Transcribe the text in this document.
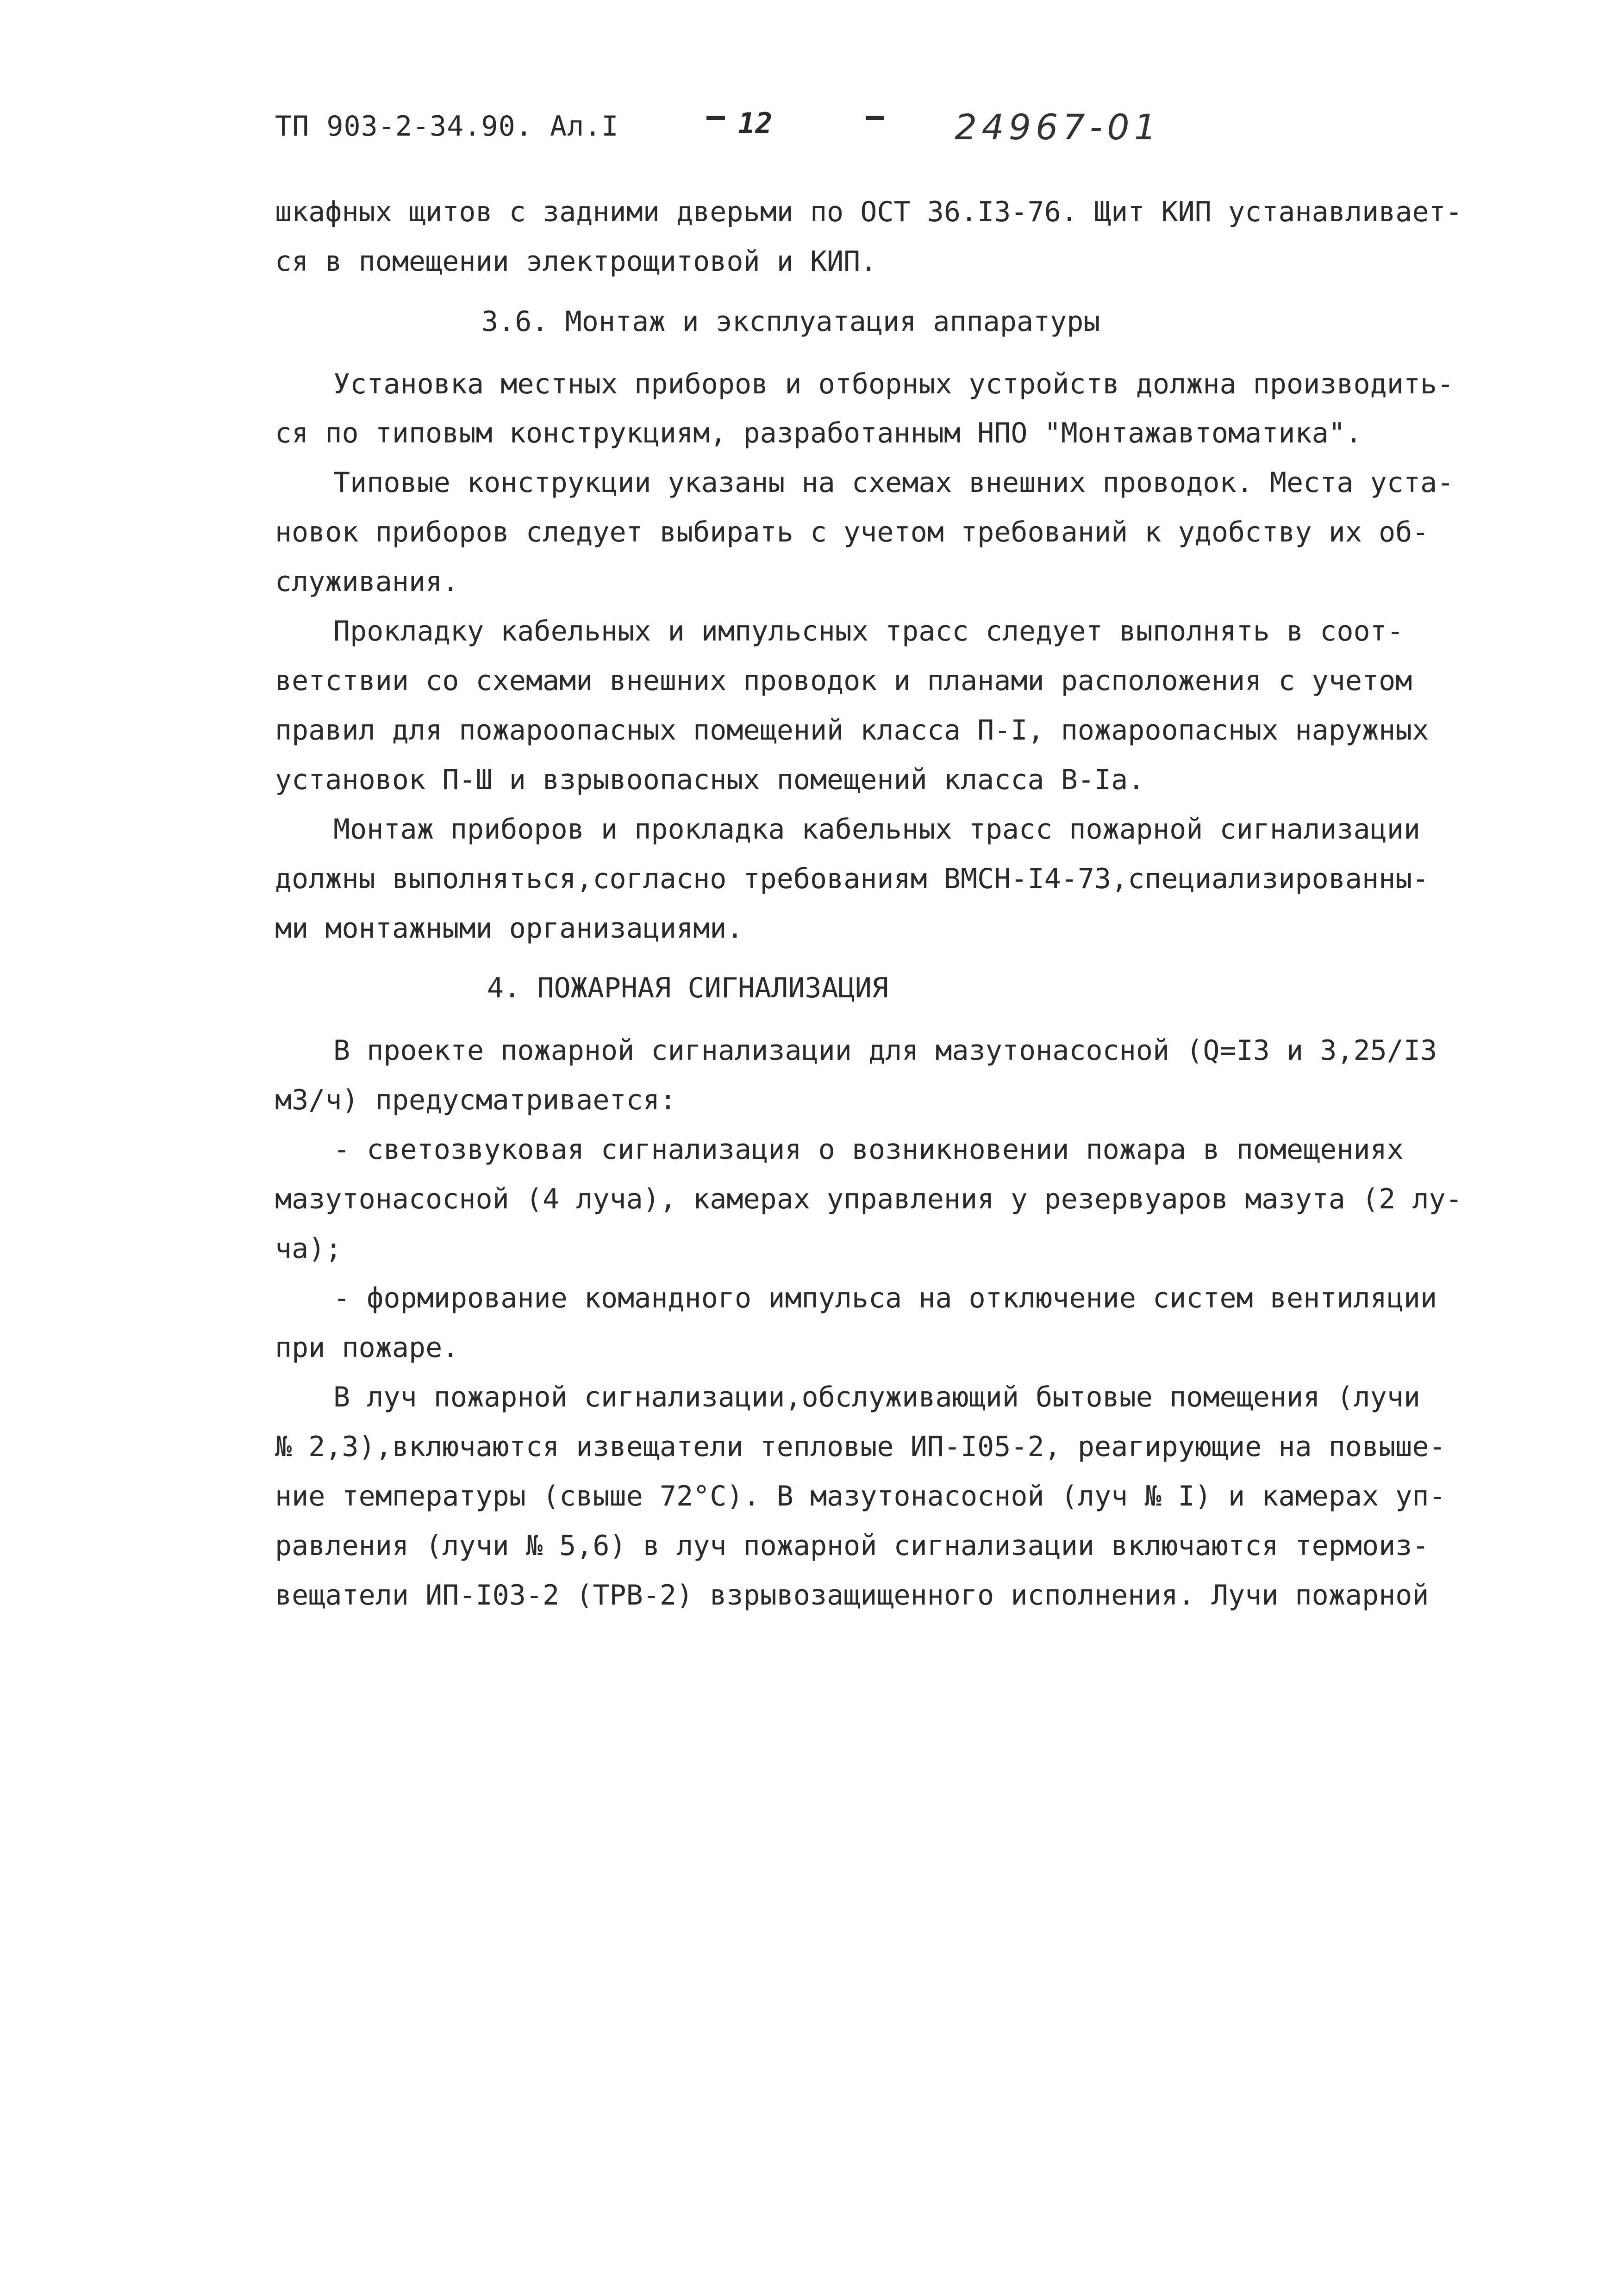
ТП 903-2-34.90. Ал.I	12	24967-01
шкафных щитов с задними дверьми по ОСТ 36.I3-76. Щит КИП устанавливает-
ся в помещении электрощитовой и КИП.
3.6. Монтаж и эксплуатация аппаратуры
Установка местных приборов и отборных устройств должна производить-
ся по типовым конструкциям, разработанным НПО "Монтажавтоматика".
Типовые конструкции указаны на схемах внешних проводок. Места уста-
новок приборов следует выбирать с учетом требований к удобству их об-
служивания.
Прокладку кабельных и импульсных трасс следует выполнять в соот-
ветствии со схемами внешних проводок и планами расположения с учетом
правил для пожароопасных помещений класса П-I, пожароопасных наружных
установок П-Ш и взрывоопасных помещений класса В-Iа.
Монтаж приборов и прокладка кабельных трасс пожарной сигнализации
должны выполняться,согласно требованиям ВМСН-I4-73,специализированны-
ми монтажными организациями.
4. ПОЖАРНАЯ СИГНАЛИЗАЦИЯ
В проекте пожарной сигнализации для мазутонасосной (Q=I3 и 3,25/I3
м3/ч) предусматривается:
- светозвуковая сигнализация о возникновении пожара в помещениях
мазутонасосной (4 луча), камерах управления у резервуаров мазута (2 лу-
ча);
- формирование командного импульса на отключение систем вентиляции
при пожаре.
В луч пожарной сигнализации,обслуживающий бытовые помещения (лучи
№ 2,3),включаются извещатели тепловые ИП-I05-2, реагирующие на повыше-
ние температуры (свыше 72°С). В мазутонасосной (луч № I) и камерах уп-
равления (лучи № 5,6) в луч пожарной сигнализации включаются термоиз-
вещатели ИП-I03-2 (ТРВ-2) взрывозащищенного исполнения. Лучи пожарной
